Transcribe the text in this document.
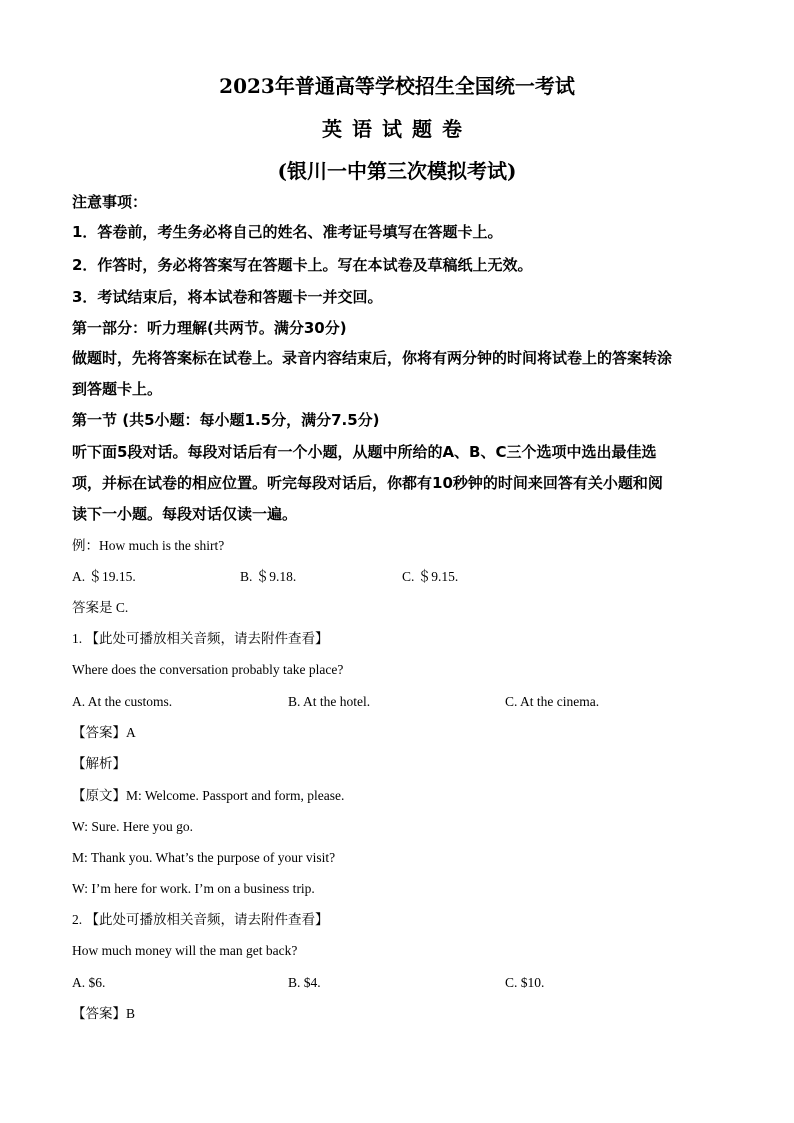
2023年普通高等学校招生全国统一考试
英语试题卷
(银川一中第三次模拟考试)
注意事项：
1．答卷前，考生务必将自己的姓名、准考证号填写在答题卡上。
2．作答时，务必将答案写在答题卡上。写在本试卷及草稿纸上无效。
3．考试结束后，将本试卷和答题卡一并交回。
第一部分：听力理解(共两节。满分30分)
做题时，先将答案标在试卷上。录音内容结束后，你将有两分钟的时间将试卷上的答案转涂
到答题卡上。
第一节 (共5小题：每小题1.5分，满分7.5分)
听下面5段对话。每段对话后有一个小题，从题中所给的A、B、C三个选项中选出最佳选
项，并标在试卷的相应位置。听完每段对话后，你都有10秒钟的时间来回答有关小题和阅
读下一小题。每段对话仅读一遍。
例：How much is the shirt?
A. ＄19.15.	B. ＄9.18.	C. ＄9.15.
答案是 C.
1. 【此处可播放相关音频，请去附件查看】
Where does the conversation probably take place?
A. At the customs.	B. At the hotel.	C. At the cinema.
【答案】A
【解析】
【原文】M: Welcome. Passport and form, please.
W: Sure. Here you go.
M: Thank you. What’s the purpose of your visit?
W: I’m here for work. I’m on a business trip.
2. 【此处可播放相关音频，请去附件查看】
How much money will the man get back?
A. $6.	B. $4.	C. $10.
【答案】B
